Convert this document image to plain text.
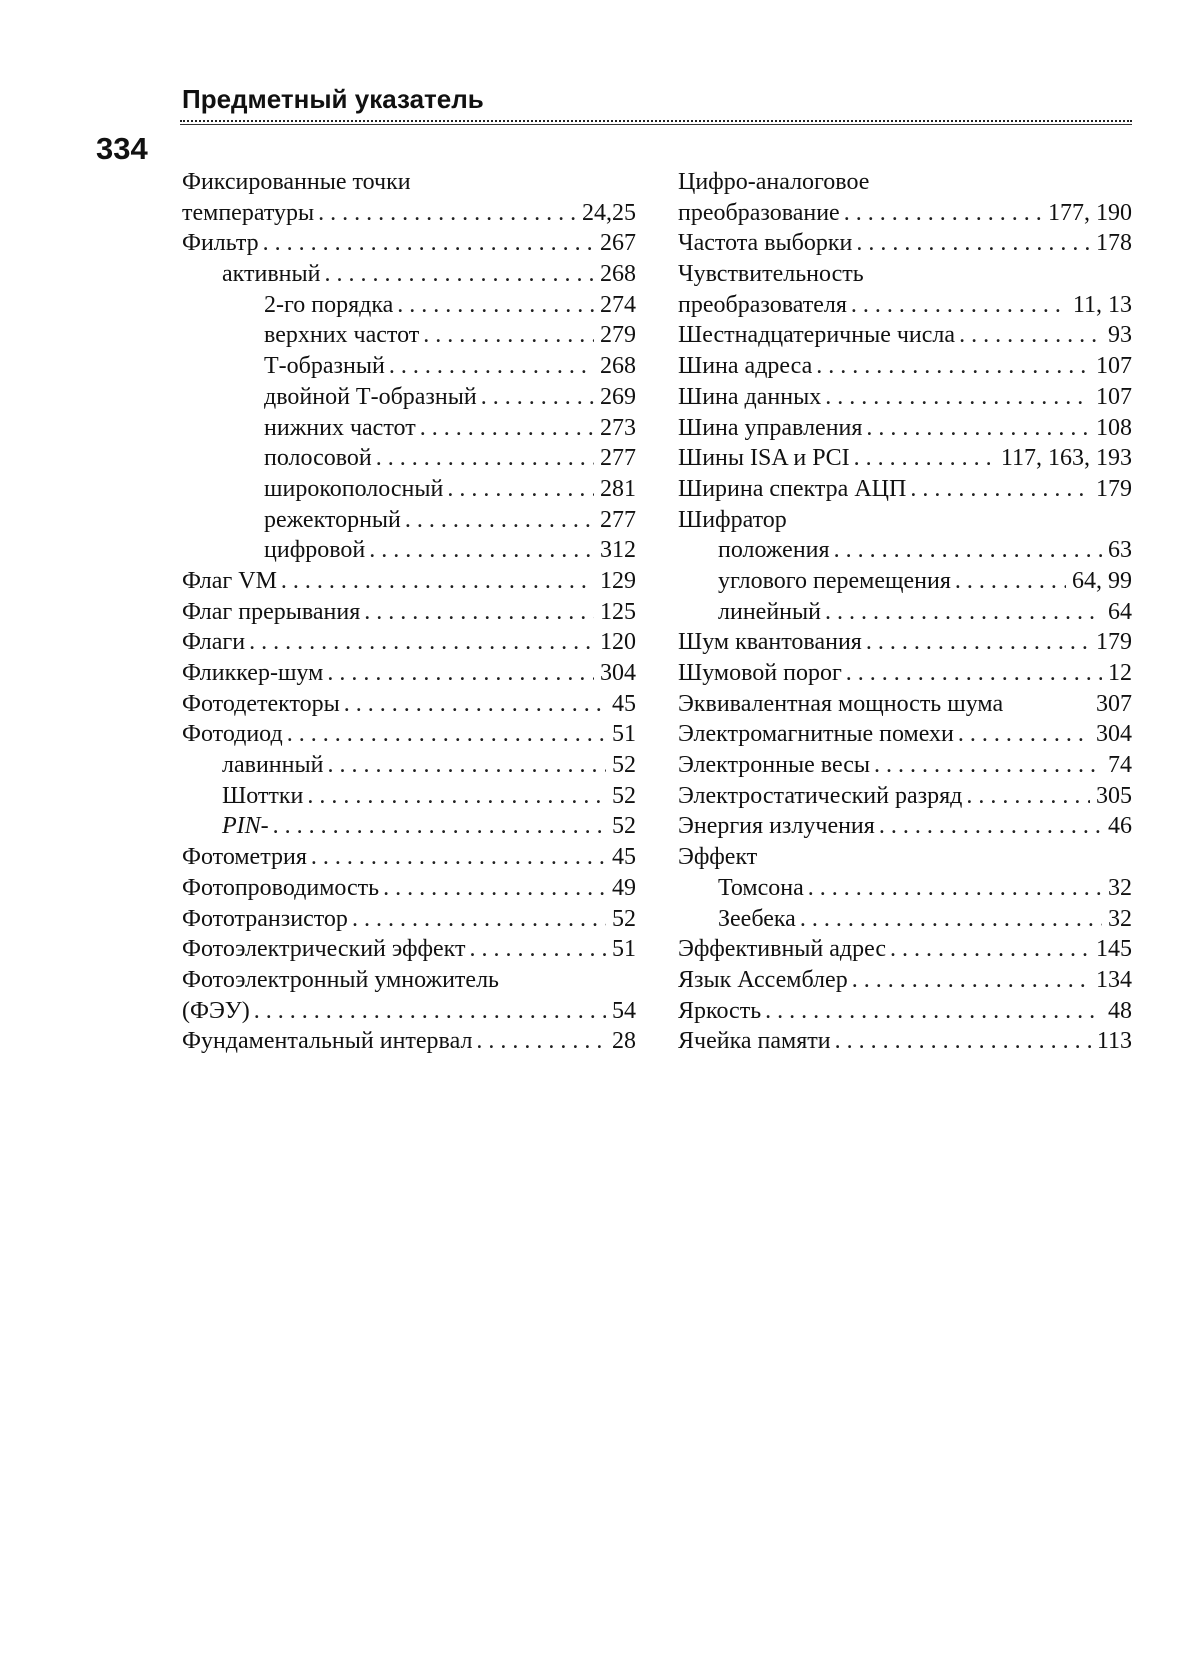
Предметный указатель
334
Фиксированные точки
температуры . . .	24,25
Фильтр . . .	267
активный . . .	268
2-го порядка . . .	274
верхних частот . . .	279
Т-образный . . .	268
двойной Т-образный . . .	269
нижних частот . . .	273
полосовой . . .	277
широкополосный . . .	281
режекторный . . .	277
цифровой . . .	312
Флаг VM . . .	129
Флаг прерывания . . .	125
Флаги . . .	120
Фликкер-шум . . .	304
Фотодетекторы . . .	45
Фотодиод . . .	51
лавинный . . .	52
Шоттки . . .	52
PIN- . . .	52
Фотометрия . . .	45
Фотопроводимость . . .	49
Фототранзистор . . .	52
Фотоэлектрический эффект . . .	51
Фотоэлектронный умножитель
(ФЭУ) . . .	54
Фундаментальный интервал . . .	28
Цифро-аналоговое
преобразование . . .	177, 190
Частота выборки . . .	178
Чувствительность
преобразователя . . .	11, 13
Шестнадцатеричные числа . . .	93
Шина адреса . . .	107
Шина данных . . .	107
Шина управления . . .	108
Шины ISA и PCI . . .	117, 163, 193
Ширина спектра АЦП . . .	179
Шифратор
положения . . .	63
углового перемещения . . .	64, 99
линейный . . .	64
Шум квантования . . .	179
Шумовой порог . . .	12
Эквивалентная мощность шума	307
Электромагнитные помехи . . .	304
Электронные весы . . .	74
Электростатический разряд . . .	305
Энергия излучения . . .	46
Эффект
Томсона . . .	32
Зеебека . . .	32
Эффективный адрес . . .	145
Язык Ассемблер . . .	134
Яркость . . .	48
Ячейка памяти . . .	113
